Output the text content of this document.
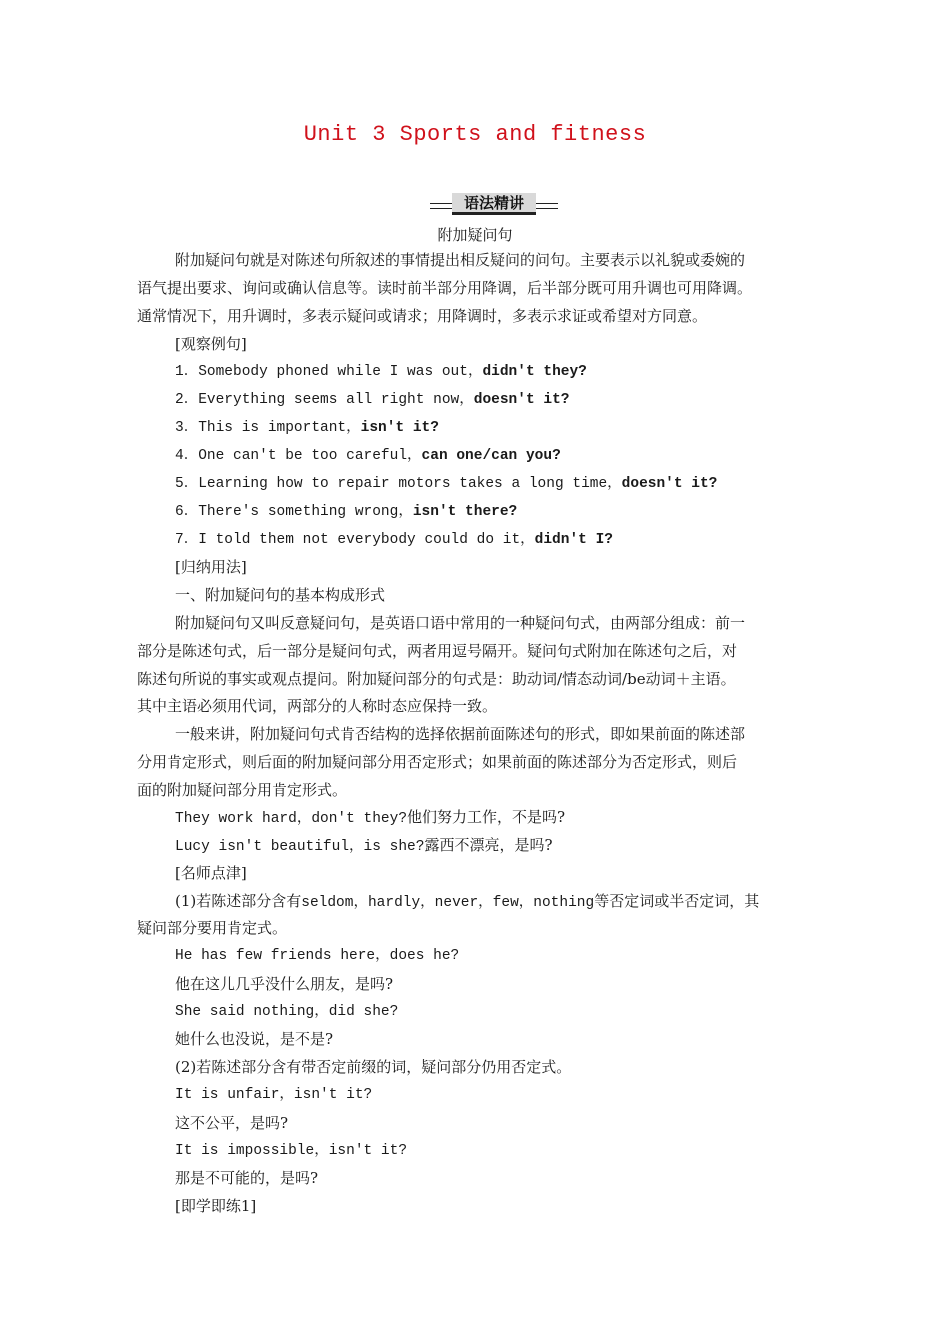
Unit 3 Sports and fitness
语法精讲
附加疑问句
附加疑问句就是对陈述句所叙述的事情提出相反疑问的问句。主要表示以礼貌或委婉的
语气提出要求、询问或确认信息等。读时前半部分用降调，后半部分既可用升调也可用降调。
通常情况下，用升调时，多表示疑问或请求；用降调时，多表示求证或希望对方同意。
[观察例句]
1．Somebody phoned while I was out，didn't they?
2．Everything seems all right now，doesn't it?
3．This is important，isn't it?
4．One can't be too careful，can one/can you?
5．Learning how to repair motors takes a long time，doesn't it?
6．There's something wrong，isn't there?
7．I told them not everybody could do it，didn't I?
[归纳用法]
一、附加疑问句的基本构成形式
附加疑问句又叫反意疑问句，是英语口语中常用的一种疑问句式，由两部分组成：前一
部分是陈述句式，后一部分是疑问句式，两者用逗号隔开。疑问句式附加在陈述句之后，对
陈述句所说的事实或观点提问。附加疑问部分的句式是：助动词/情态动词/be动词＋主语。
其中主语必须用代词，两部分的人称时态应保持一致。
一般来讲，附加疑问句式肯否结构的选择依据前面陈述句的形式，即如果前面的陈述部
分用肯定形式，则后面的附加疑问部分用否定形式；如果前面的陈述部分为否定形式，则后
面的附加疑问部分用肯定形式。
They work hard，don't they?他们努力工作，不是吗?
Lucy isn't beautiful，is she?露西不漂亮，是吗?
[名师点津]
(1)若陈述部分含有seldom，hardly，never，few，nothing等否定词或半否定词，其
疑问部分要用肯定式。
He has few friends here，does he?
他在这儿几乎没什么朋友，是吗?
She said nothing，did she?
她什么也没说，是不是?
(2)若陈述部分含有带否定前缀的词，疑问部分仍用否定式。
It is unfair，isn't it?
这不公平，是吗?
It is impossible，isn't it?
那是不可能的，是吗?
[即学即练1]
